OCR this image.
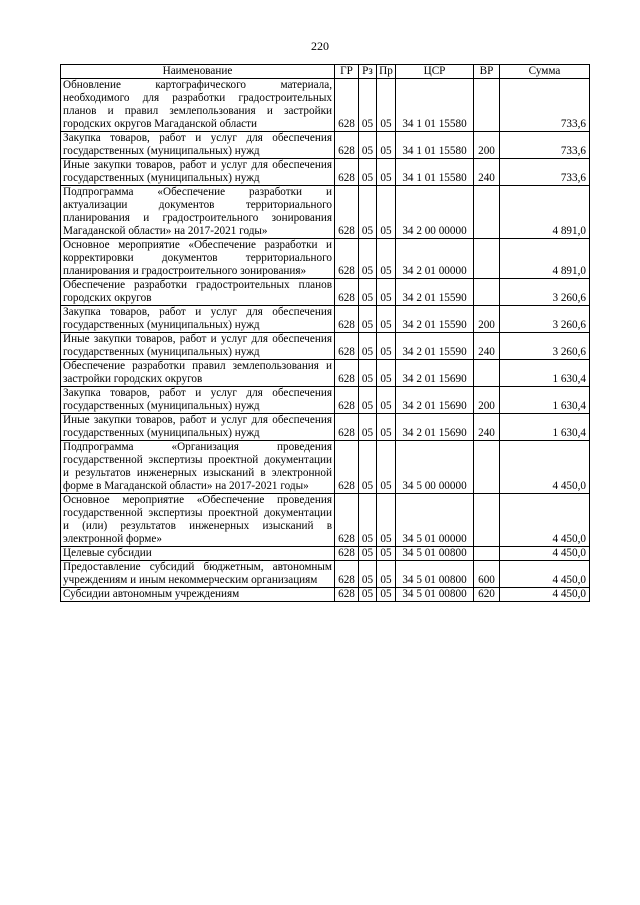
220
Наименование	ГР	Рз	Пр	ЦСР	ВР	Сумма
Обновление картографического материала, необходимого для разработки градостроительных планов и правил землепользования и застройки городских округов Магаданской области	628	05	05	34 1 01 15580		733,6
Закупка товаров, работ и услуг для обеспечения государственных (муниципальных) нужд	628	05	05	34 1 01 15580	200	733,6
Иные закупки товаров, работ и услуг для обеспечения государственных (муниципальных) нужд	628	05	05	34 1 01 15580	240	733,6
Подпрограмма «Обеспечение разработки и актуализации документов территориального планирования и градостроительного зонирования Магаданской области» на 2017-2021 годы»	628	05	05	34 2 00 00000		4 891,0
Основное мероприятие «Обеспечение разработки и корректировки документов территориального планирования и градостроительного зонирования»	628	05	05	34 2 01 00000		4 891,0
Обеспечение разработки градостроительных планов городских округов	628	05	05	34 2 01 15590		3 260,6
Закупка товаров, работ и услуг для обеспечения государственных (муниципальных) нужд	628	05	05	34 2 01 15590	200	3 260,6
Иные закупки товаров, работ и услуг для обеспечения государственных (муниципальных) нужд	628	05	05	34 2 01 15590	240	3 260,6
Обеспечение разработки правил землепользования и застройки городских округов	628	05	05	34 2 01 15690		1 630,4
Закупка товаров, работ и услуг для обеспечения государственных (муниципальных) нужд	628	05	05	34 2 01 15690	200	1 630,4
Иные закупки товаров, работ и услуг для обеспечения государственных (муниципальных) нужд	628	05	05	34 2 01 15690	240	1 630,4
Подпрограмма «Организация проведения государственной экспертизы проектной документации и результатов инженерных изысканий в электронной форме в Магаданской области» на 2017-2021 годы»	628	05	05	34 5 00 00000		4 450,0
Основное мероприятие «Обеспечение проведения государственной экспертизы проектной документации и (или) результатов инженерных изысканий в электронной форме»	628	05	05	34 5 01 00000		4 450,0
Целевые субсидии	628	05	05	34 5 01 00800		4 450,0
Предоставление субсидий бюджетным, автономным учреждениям и иным некоммерческим организациям	628	05	05	34 5 01 00800	600	4 450,0
Субсидии автономным учреждениям	628	05	05	34 5 01 00800	620	4 450,0
